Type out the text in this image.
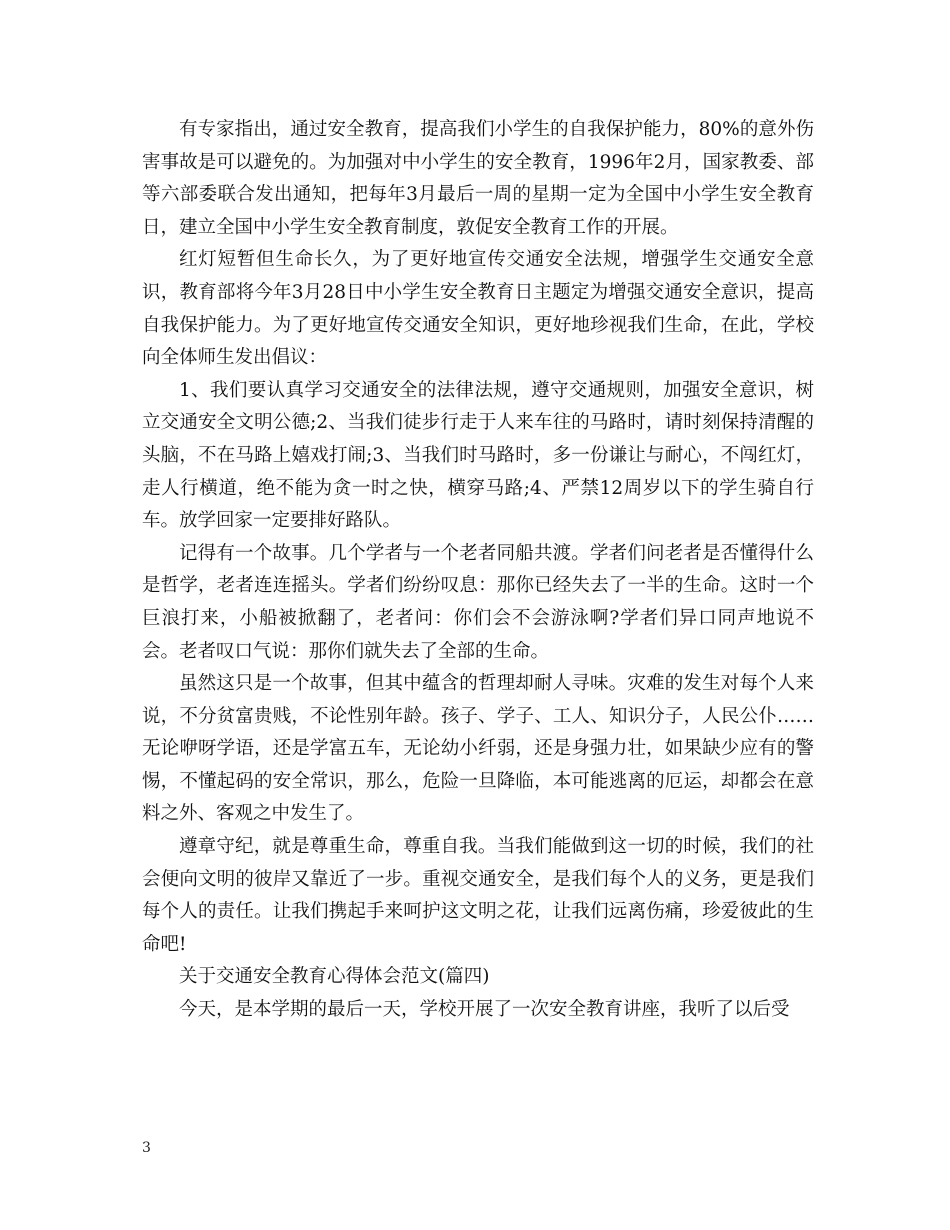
有专家指出，通过安全教育，提高我们小学生的自我保护能力，80%的意外伤害事故是可以避免的。为加强对中小学生的安全教育，1996年2月，国家教委、部等六部委联合发出通知，把每年3月最后一周的星期一定为全国中小学生安全教育日，建立全国中小学生安全教育制度，敦促安全教育工作的开展。

红灯短暂但生命长久，为了更好地宣传交通安全法规，增强学生交通安全意识，教育部将今年3月28日中小学生安全教育日主题定为增强交通安全意识，提高自我保护能力。为了更好地宣传交通安全知识，更好地珍视我们生命，在此，学校向全体师生发出倡议：

1、我们要认真学习交通安全的法律法规，遵守交通规则，加强安全意识，树立交通安全文明公德;2、当我们徒步行走于人来车往的马路时，请时刻保持清醒的头脑，不在马路上嬉戏打闹;3、当我们时马路时，多一份谦让与耐心，不闯红灯，走人行横道，绝不能为贪一时之快，横穿马路;4、严禁12周岁以下的学生骑自行车。放学回家一定要排好路队。

记得有一个故事。几个学者与一个老者同船共渡。学者们问老者是否懂得什么是哲学，老者连连摇头。学者们纷纷叹息：那你已经失去了一半的生命。这时一个巨浪打来，小船被掀翻了，老者问：你们会不会游泳啊?学者们异口同声地说不会。老者叹口气说：那你们就失去了全部的生命。

虽然这只是一个故事，但其中蕴含的哲理却耐人寻味。灾难的发生对每个人来说，不分贫富贵贱，不论性别年龄。孩子、学子、工人、知识分子，人民公仆……无论咿呀学语，还是学富五车，无论幼小纤弱，还是身强力壮，如果缺少应有的警惕，不懂起码的安全常识，那么，危险一旦降临，本可能逃离的厄运，却都会在意料之外、客观之中发生了。

遵章守纪，就是尊重生命，尊重自我。当我们能做到这一切的时候，我们的社会便向文明的彼岸又靠近了一步。重视交通安全，是我们每个人的义务，更是我们每个人的责任。让我们携起手来呵护这文明之花，让我们远离伤痛，珍爱彼此的生命吧!

关于交通安全教育心得体会范文(篇四)

今天，是本学期的最后一天，学校开展了一次安全教育讲座，我听了以后受

3
